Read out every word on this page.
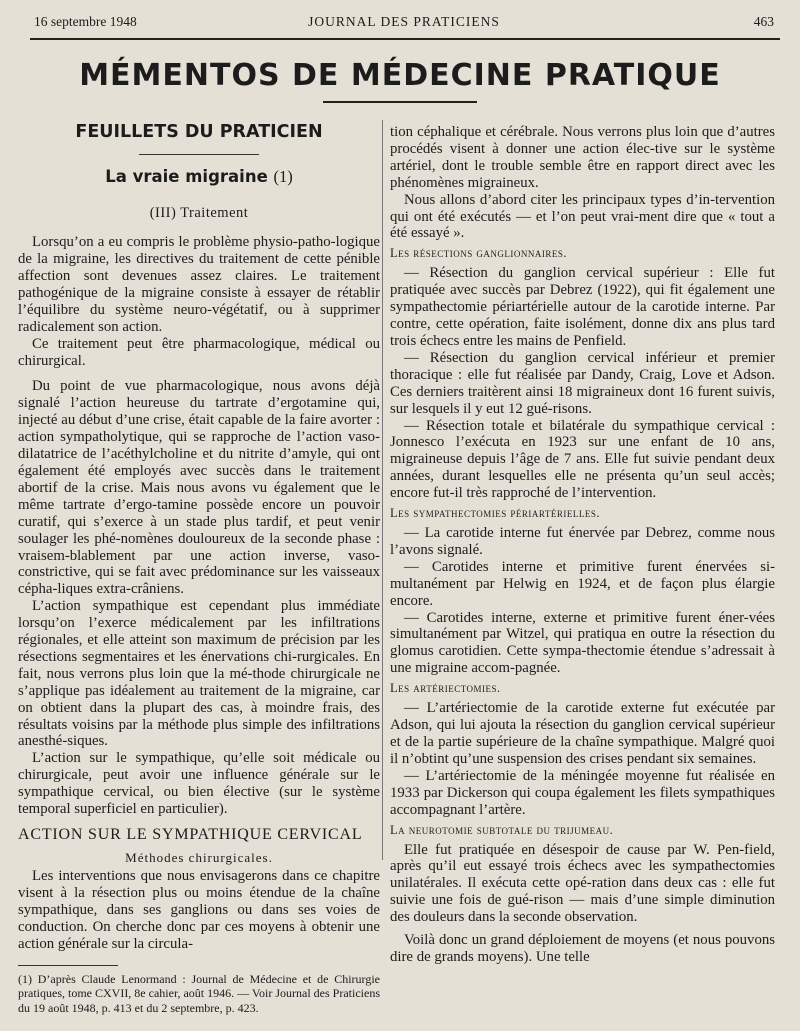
16 septembre 1948	JOURNAL DES PRATICIENS	463
MÉMENTOS DE MÉDECINE PRATIQUE
FEUILLETS DU PRATICIEN
La vraie migraine (1)
(III) Traitement

Lorsqu’on a eu compris le problème physio-patho-logique de la migraine, les directives du traitement de cette pénible affection sont devenues assez claires. Le traitement pathogénique de la migraine consiste à essayer de rétablir l’équilibre du système neuro-végétatif, ou à supprimer radicalement son action.

Ce traitement peut être pharmacologique, médical ou chirurgical.

Du point de vue pharmacologique, nous avons déjà signalé l’action heureuse du tartrate d’ergotamine qui, injecté au début d’une crise, était capable de la faire avorter : action sympatholytique, qui se rapproche de l’action vaso-dilatatrice de l’acéthylcholine et du nitrite d’amyle, qui ont également été employés avec succès dans le traitement abortif de la crise. Mais nous avons vu également que le même tartrate d’ergo-tamine possède encore un pouvoir curatif, qui s’exerce à un stade plus tardif, et peut venir soulager les phé-nomènes douloureux de la seconde phase : vraisem-blablement par une action inverse, vaso-constrictive, qui se fait avec prédominance sur les vaisseaux cépha-liques extra-crâniens.

L’action sympathique est cependant plus immédiate lorsqu’on l’exerce médicalement par les infiltrations régionales, et elle atteint son maximum de précision par les résections segmentaires et les énervations chi-rurgicales. En fait, nous verrons plus loin que la mé-thode chirurgicale ne s’applique pas idéalement au traitement de la migraine, car on obtient dans la plupart des cas, à moindre frais, des résultats voisins par la méthode plus simple des infiltrations anesthé-siques.

L’action sur le sympathique, qu’elle soit médicale ou chirurgicale, peut avoir une influence générale sur le sympathique cervical, ou bien élective (sur le système temporal superficiel en particulier).

ACTION SUR LE SYMPATHIQUE CERVICAL
Méthodes chirurgicales.

Les interventions que nous envisagerons dans ce chapitre visent à la résection plus ou moins étendue de la chaîne sympathique, dans ses ganglions ou dans ses voies de conduction. On cherche donc par ces moyens à obtenir une action générale sur la circula-

(1) D’après Claude Lenormand : Journal de Médecine et de Chirurgie pratiques, tome CXVII, 8e cahier, août 1946. — Voir Journal des Praticiens du 19 août 1948, p. 413 et du 2 septembre, p. 423.

tion céphalique et cérébrale. Nous verrons plus loin que d’autres procédés visent à donner une action élec-tive sur le système artériel, dont le trouble semble être en rapport direct avec les phénomènes migraineux.

Nous allons d’abord citer les principaux types d’in-tervention qui ont été exécutés — et l’on peut vrai-ment dire que « tout a été essayé ».

Les résections ganglionnaires.

— Résection du ganglion cervical supérieur : Elle fut pratiquée avec succès par Debrez (1922), qui fit également une sympathectomie périartérielle autour de la carotide interne. Par contre, cette opération, faite isolément, donne dix ans plus tard trois échecs entre les mains de Penfield.

— Résection du ganglion cervical inférieur et premier thoracique : elle fut réalisée par Dandy, Craig, Love et Adson. Ces derniers traitèrent ainsi 18 migraineux dont 16 furent suivis, sur lesquels il y eut 12 gué-risons.

— Résection totale et bilatérale du sympathique cervical : Jonnesco l’exécuta en 1923 sur une enfant de 10 ans, migraineuse depuis l’âge de 7 ans. Elle fut suivie pendant deux années, durant lesquelles elle ne présenta qu’un seul accès; encore fut-il très rapproché de l’intervention.

Les sympathectomies périartérielles.

— La carotide interne fut énervée par Debrez, comme nous l’avons signalé.

— Carotides interne et primitive furent énervées si-multanément par Helwig en 1924, et de façon plus élargie encore.

— Carotides interne, externe et primitive furent éner-vées simultanément par Witzel, qui pratiqua en outre la résection du glomus carotidien. Cette sympa-thectomie étendue s’adressait à une migraine accom-pagnée.

Les artériectomies.

— L’artériectomie de la carotide externe fut exécutée par Adson, qui lui ajouta la résection du ganglion cervical supérieur et de la partie supérieure de la chaîne sympathique. Malgré quoi il n’obtint qu’une suspension des crises pendant six semaines.

— L’artériectomie de la méningée moyenne fut réalisée en 1933 par Dickerson qui coupa également les filets sympathiques accompagnant l’artère.

La neurotomie subtotale du trijumeau.

Elle fut pratiquée en désespoir de cause par W. Pen-field, après qu’il eut essayé trois échecs avec les sympathectomies unilatérales. Il exécuta cette opé-ration dans deux cas : elle fut suivie une fois de gué-rison — mais d’une simple diminution des douleurs dans la seconde observation.

Voilà donc un grand déploiement de moyens (et nous pouvons dire de grands moyens). Une telle
